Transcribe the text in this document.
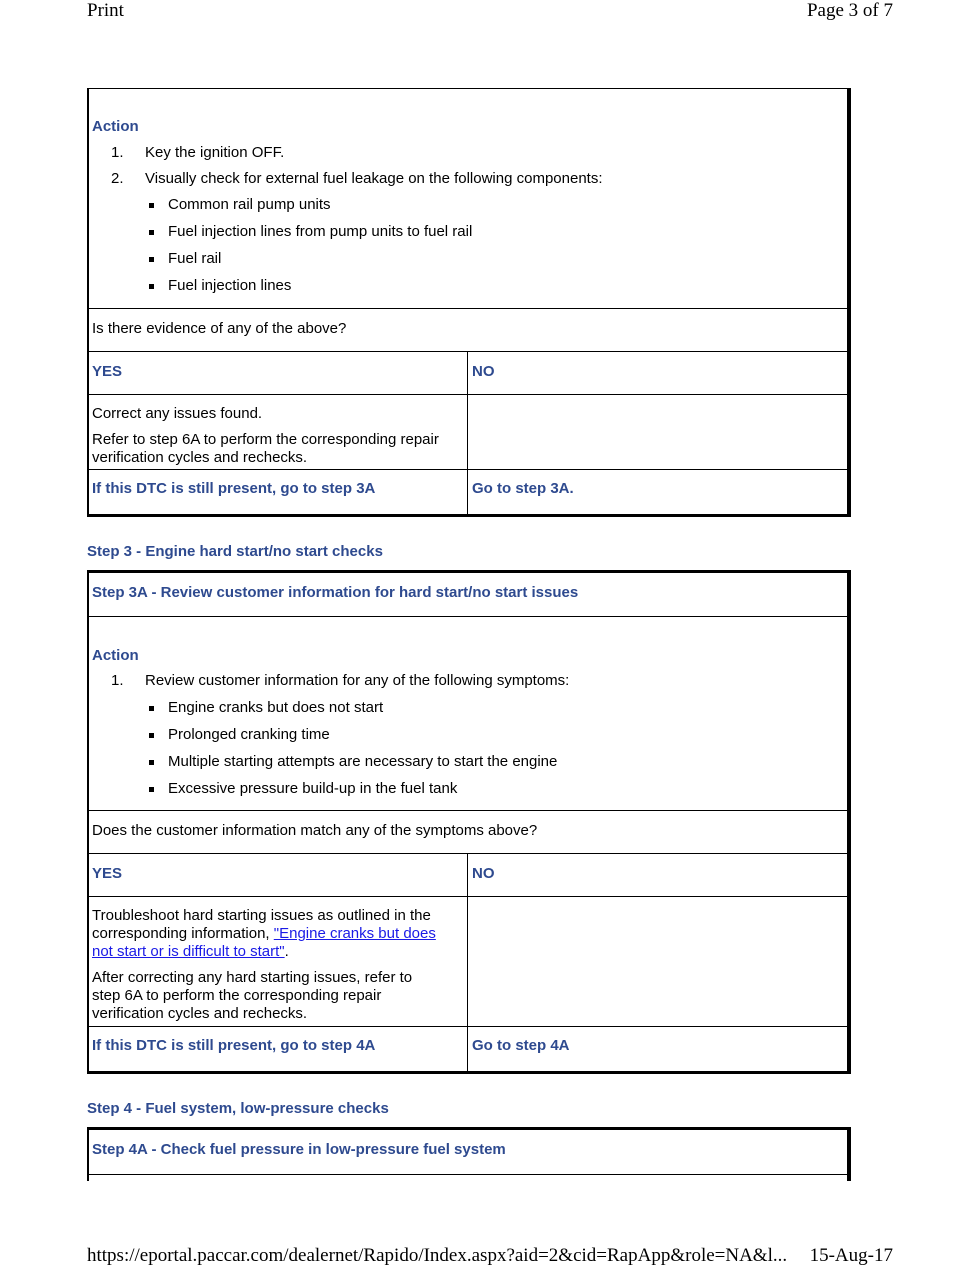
Print	Page 3 of 7
Action
1. Key the ignition OFF.
2. Visually check for external fuel leakage on the following components:
Common rail pump units
Fuel injection lines from pump units to fuel rail
Fuel rail
Fuel injection lines
Is there evidence of any of the above?
YES	NO

Correct any issues found.

Refer to step 6A to perform the corresponding repair

verification cycles and rechecks.

If this DTC is still present, go to step 3A	Go to step 3A.
Step 3 - Engine hard start/no start checks
Step 3A - Review customer information for hard start/no start issues
Action
1. Review customer information for any of the following symptoms:
Engine cranks but does not start
Prolonged cranking time
Multiple starting attempts are necessary to start the engine
Excessive pressure build-up in the fuel tank
Does the customer information match any of the symptoms above?
YES	NO

Troubleshoot hard starting issues as outlined in the

corresponding information, "Engine cranks but does

not start or is difficult to start".

After correcting any hard starting issues, refer to

step 6A to perform the corresponding repair

verification cycles and rechecks.

If this DTC is still present, go to step 4A	Go to step 4A
Step 4 - Fuel system, low-pressure checks
Step 4A - Check fuel pressure in low-pressure fuel system
https://eportal.paccar.com/dealernet/Rapido/Index.aspx?aid=2&cid=RapApp&role=NA&l... 15-Aug-17
